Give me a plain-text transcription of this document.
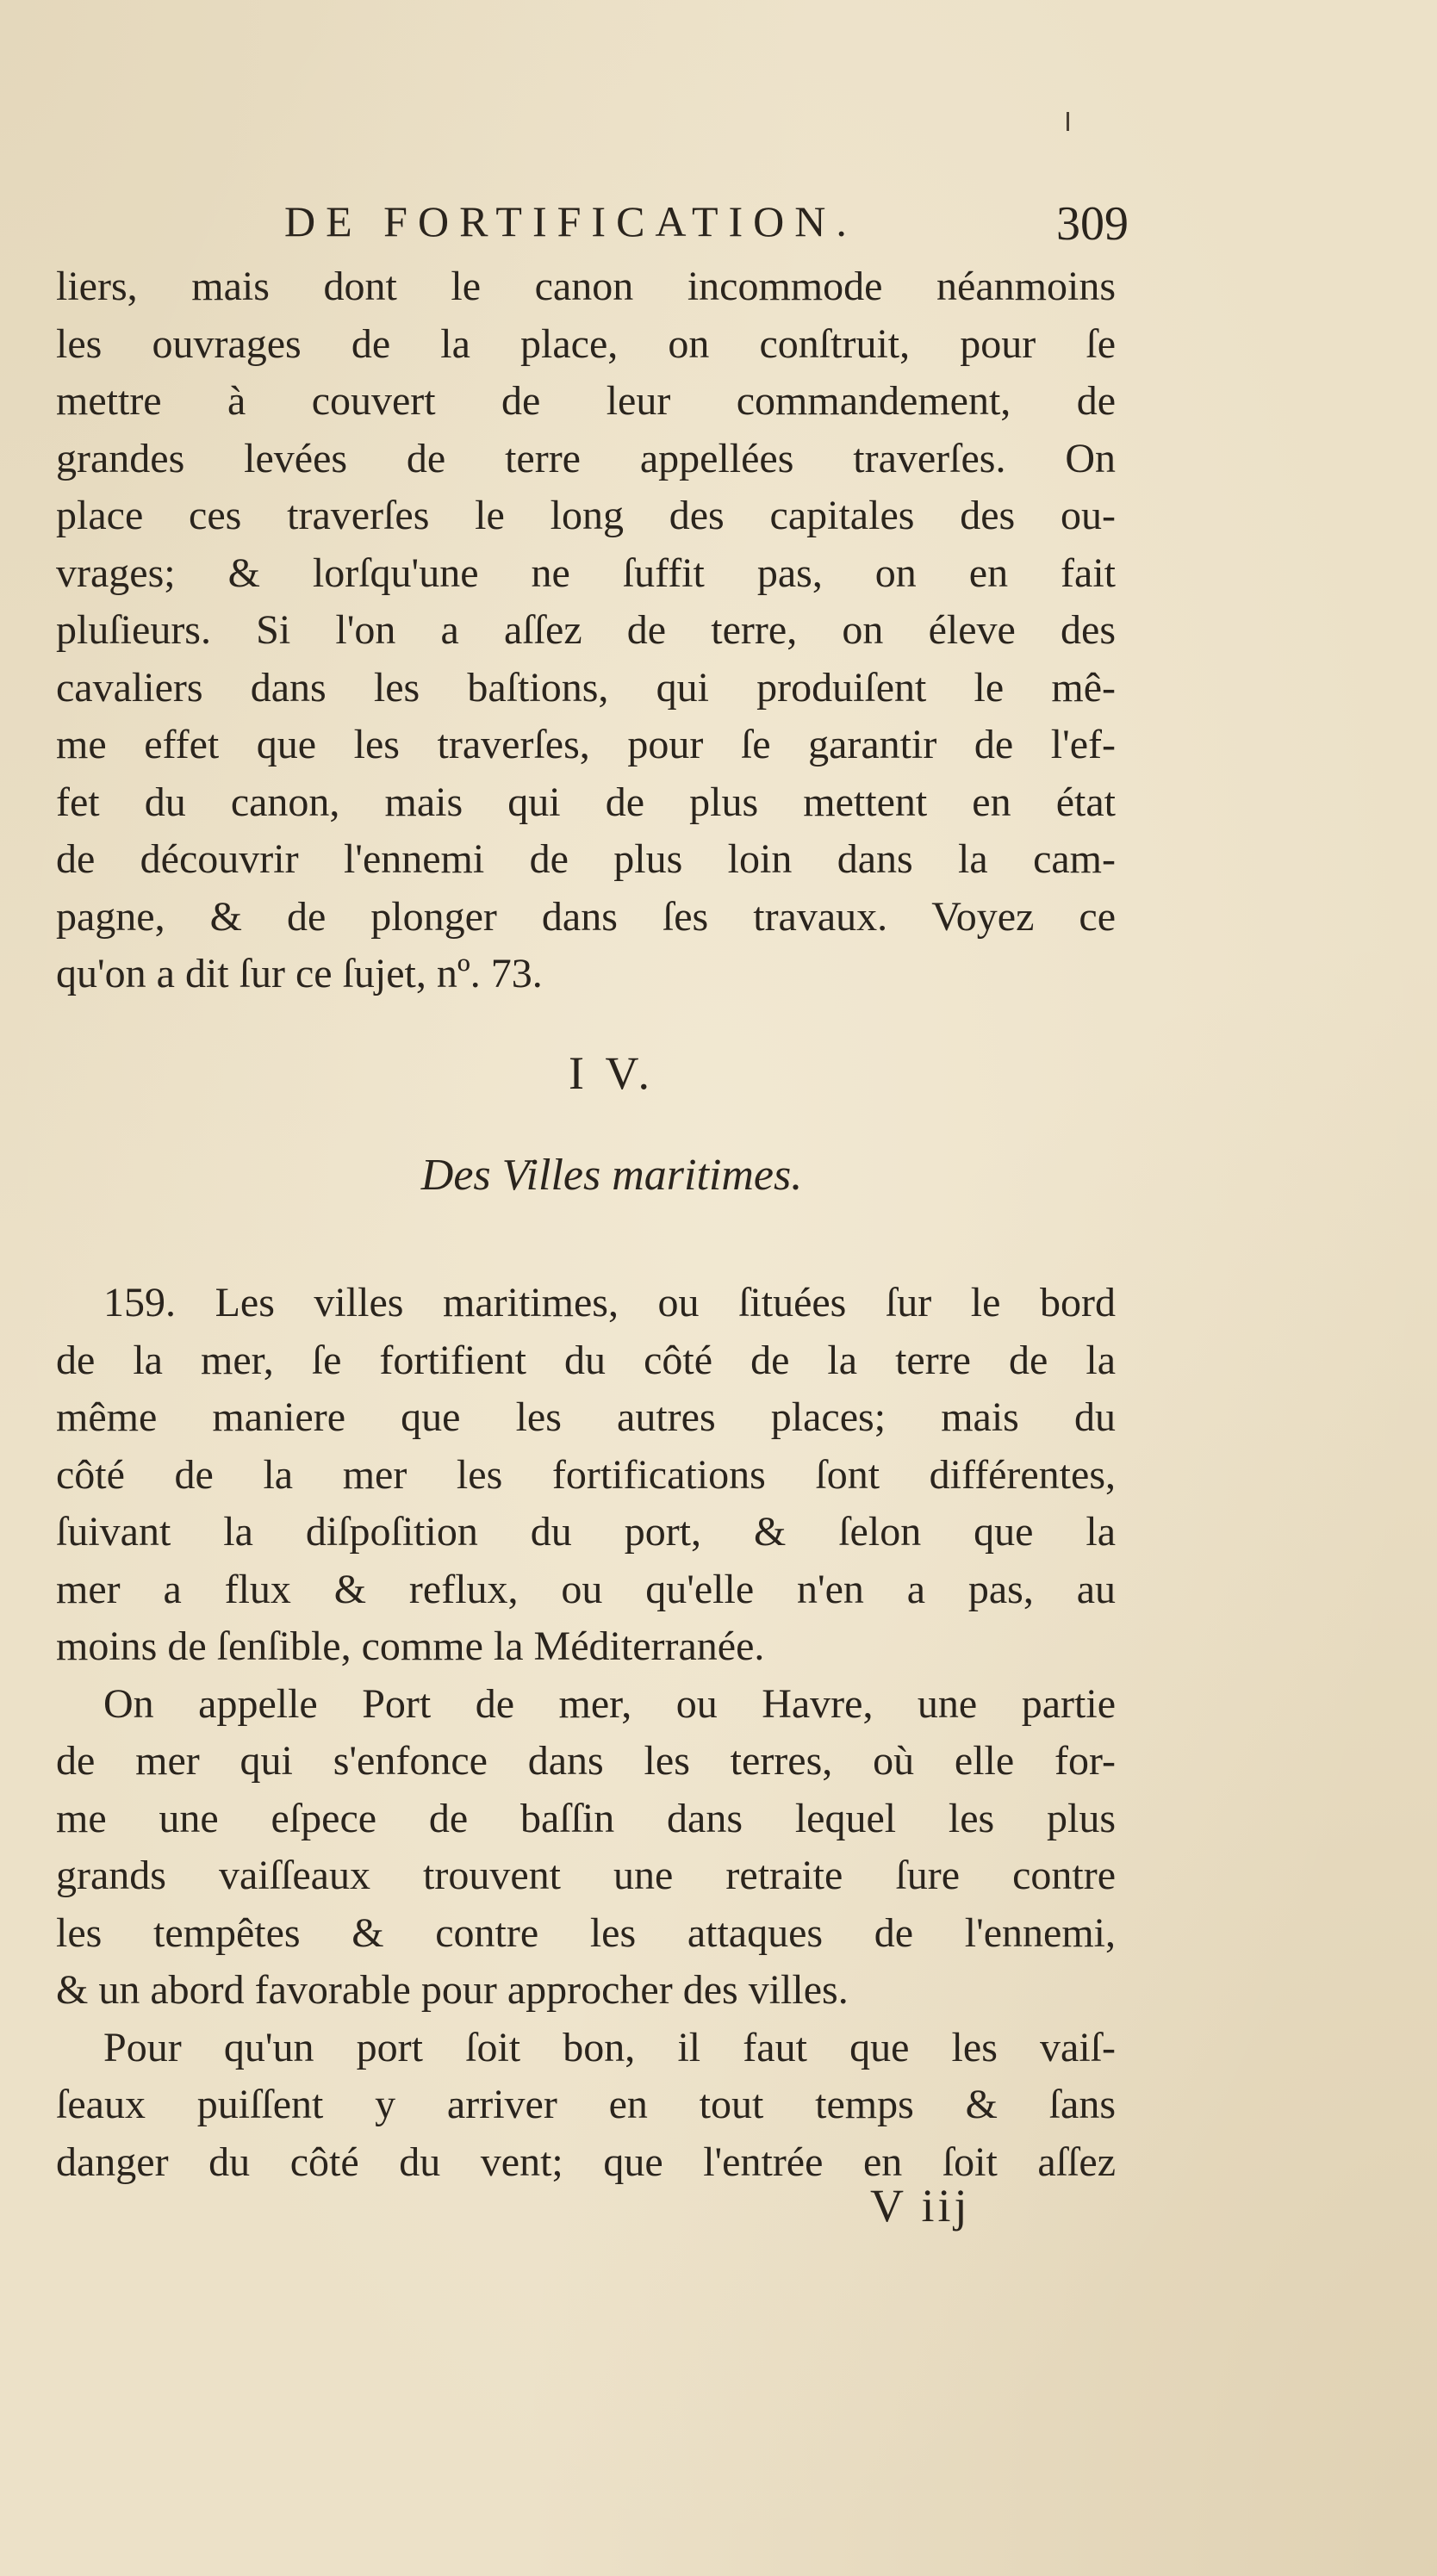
DE FORTIFICATION.	309
liers, mais dont le canon incommode néanmoins
les ouvrages de la place, on conſtruit, pour ſe
mettre à couvert de leur commandement, de
grandes levées de terre appellées traverſes. On
place ces traverſes le long des capitales des ou-
vrages; & lorſqu'une ne ſuffit pas, on en fait
pluſieurs. Si l'on a aſſez de terre, on éleve des
cavaliers dans les baſtions, qui produiſent le mê-
me effet que les traverſes, pour ſe garantir de l'ef-
fet du canon, mais qui de plus mettent en état
de découvrir l'ennemi de plus loin dans la cam-
pagne, & de plonger dans ſes travaux. Voyez ce
qu'on a dit ſur ce ſujet, nº. 73.
I V.
Des Villes maritimes.
159. Les villes maritimes, ou ſituées ſur le bord
de la mer, ſe fortifient du côté de la terre de la
même maniere que les autres places; mais du
côté de la mer les fortifications ſont différentes,
ſuivant la diſpoſition du port, & ſelon que la
mer a flux & reflux, ou qu'elle n'en a pas, au
moins de ſenſible, comme la Méditerranée.
On appelle Port de mer, ou Havre, une partie
de mer qui s'enfonce dans les terres, où elle for-
me une eſpece de baſſin dans lequel les plus
grands vaiſſeaux trouvent une retraite ſure contre
les tempêtes & contre les attaques de l'ennemi,
& un abord favorable pour approcher des villes.
Pour qu'un port ſoit bon, il faut que les vaiſ-
ſeaux puiſſent y arriver en tout temps & ſans
danger du côté du vent; que l'entrée en ſoit aſſez
V iij
